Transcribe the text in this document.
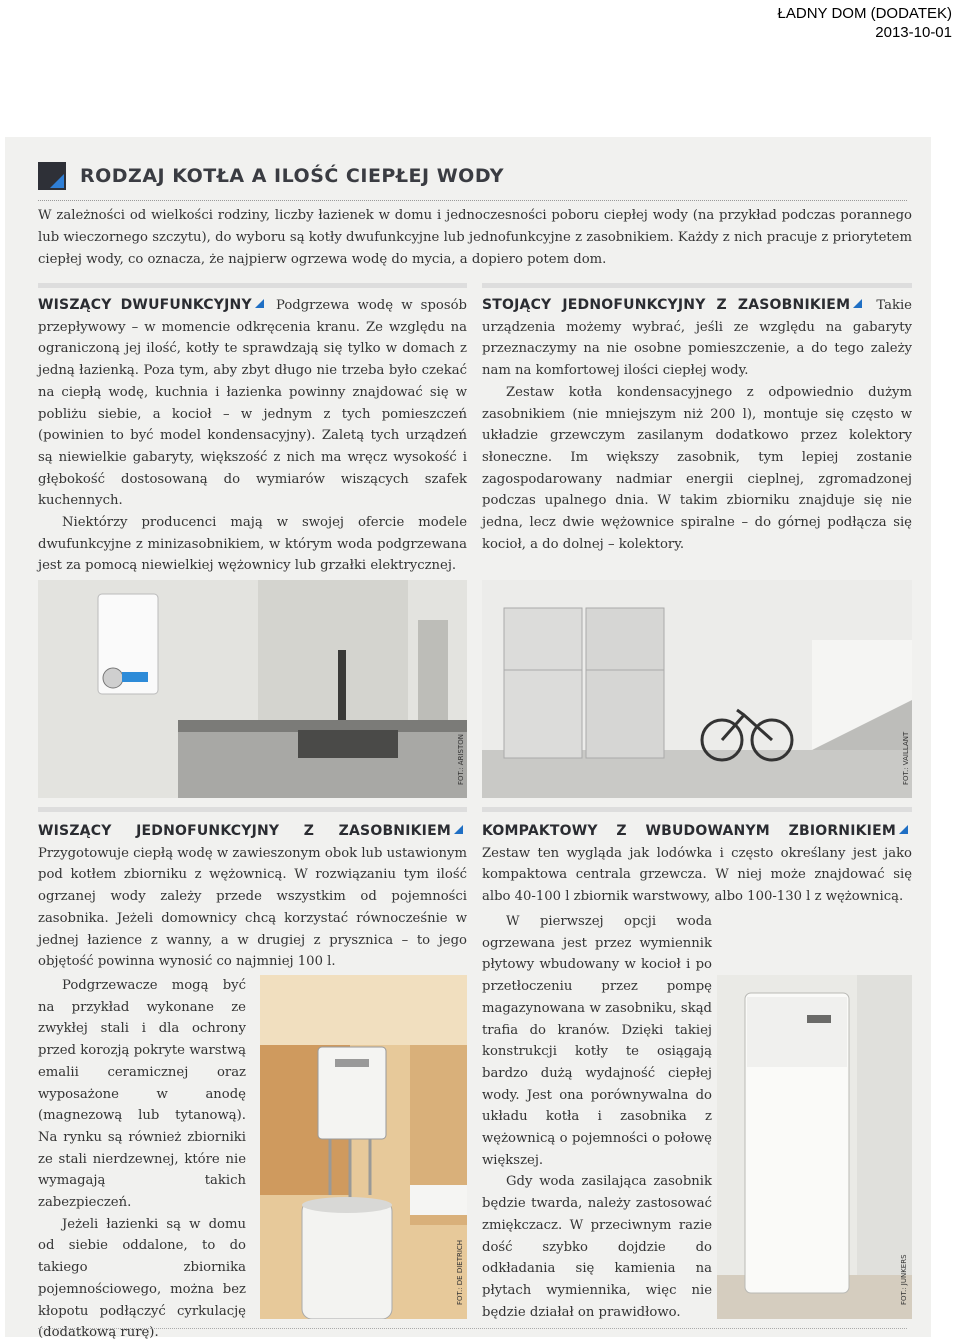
ŁADNY DOM (DODATEK)
2013-10-01
RODZAJ KOTŁA A ILOŚĆ CIEPŁEJ WODY
W zależności od wielkości rodziny, liczby łazienek w domu i jednoczesności poboru ciepłej wody (na przykład podczas porannego lub wieczornego szczytu), do wyboru są kotły dwufunkcyjne lub jednofunkcyjne z zasobnikiem. Każdy z nich pracuje z priorytetem ciepłej wody, co oznacza, że najpierw ogrzewa wodę do mycia, a dopiero potem dom.

WISZĄCY DWUFUNKCYJNY Podgrzewa wodę w sposób przepływowy – w momencie odkręcenia kranu. Ze względu na ograniczoną jej ilość, kotły te sprawdzają się tylko w domach z jedną łazienką. Poza tym, aby zbyt długo nie trzeba było czekać na ciepłą wodę, kuchnia i łazienka powinny znajdować się w pobliżu siebie, a kocioł – w jednym z tych pomieszczeń (powinien to być model kondensacyjny). Zaletą tych urządzeń są niewielkie gabaryty, większość z nich ma wręcz wysokość i głębokość dostosowaną do wymiarów wiszących szafek kuchennych.

Niektórzy producenci mają w swojej ofercie modele dwufunkcyjne z minizasobnikiem, w którym woda podgrzewana jest za pomocą niewielkiej wężownicy lub grzałki elektrycznej.

STOJĄCY JEDNOFUNKCYJNY Z ZASOBNIKIEM Takie urządzenia możemy wybrać, jeśli ze względu na gabaryty przeznaczymy na nie osobne pomieszczenie, a do tego zależy nam na komfortowej ilości ciepłej wody.

Zestaw kotła kondensacyjnego z odpowiednio dużym zasobnikiem (nie mniejszym niż 200 l), montuje się często w układzie grzewczym zasilanym dodatkowo przez kolektory słoneczne. Im większy zasobnik, tym lepiej zostanie zagospodarowany nadmiar energii cieplnej, zgromadzonej podczas upalnego dnia. W takim zbiorniku znajduje się nie jedna, lecz dwie wężownice spiralne – do górnej podłącza się kocioł, a do dolnej – kolektory.

FOT.: ARISTON	FOT.: VAILLANT

WISZĄCY JEDNOFUNKCYJNY Z ZASOBNIKIEM Przygotowuje ciepłą wodę w zawieszonym obok lub ustawionym pod kotłem zbiorniku z wężownicą. W rozwiązaniu tym ilość ogrzanej wody zależy przede wszystkim od pojemności zasobnika. Jeżeli domownicy chcą korzystać równocześnie w jednej łazience z wanny, a w drugiej z prysznica – to jego objętość powinna wynosić co najmniej 100 l.

Podgrzewacze mogą być na przykład wykonane ze zwykłej stali i dla ochrony przed korozją pokryte warstwą emalii ceramicznej oraz wyposażone w anodę (magnezową lub tytanową). Na rynku są również zbiorniki ze stali nierdzewnej, które nie wymagają takich zabezpieczeń.

Jeżeli łazienki są w domu od siebie oddalone, to do takiego zbiornika pojemnościowego, można bez kłopotu podłączyć cyrkulację (dodatkową rurę).

FOT.: DE DIETRICH

KOMPAKTOWY Z WBUDOWANYM ZBIORNIKIEM Zestaw ten wygląda jak lodówka i często określany jest jako kompaktowa centrala grzewcza. W niej może znajdować się albo 40-100 l zbiornik warstwowy, albo 100-130 l z wężownicą.

W pierwszej opcji woda ogrzewana jest przez wymiennik płytowy wbudowany w kocioł i po przetłoczeniu przez pompę magazynowana w zasobniku, skąd trafia do kranów. Dzięki takiej konstrukcji kotły te osiągają bardzo dużą wydajność ciepłej wody. Jest ona porównywalna do układu kotła i zasobnika z wężownicą o pojemności o połowę większej.

Gdy woda zasilająca zasobnik będzie twarda, należy zastosować zmiękczacz. W przeciwnym razie dość szybko dojdzie do odkładania się kamienia na płytach wymiennika, więc nie będzie działał on prawidłowo.

FOT.: JUNKERS
